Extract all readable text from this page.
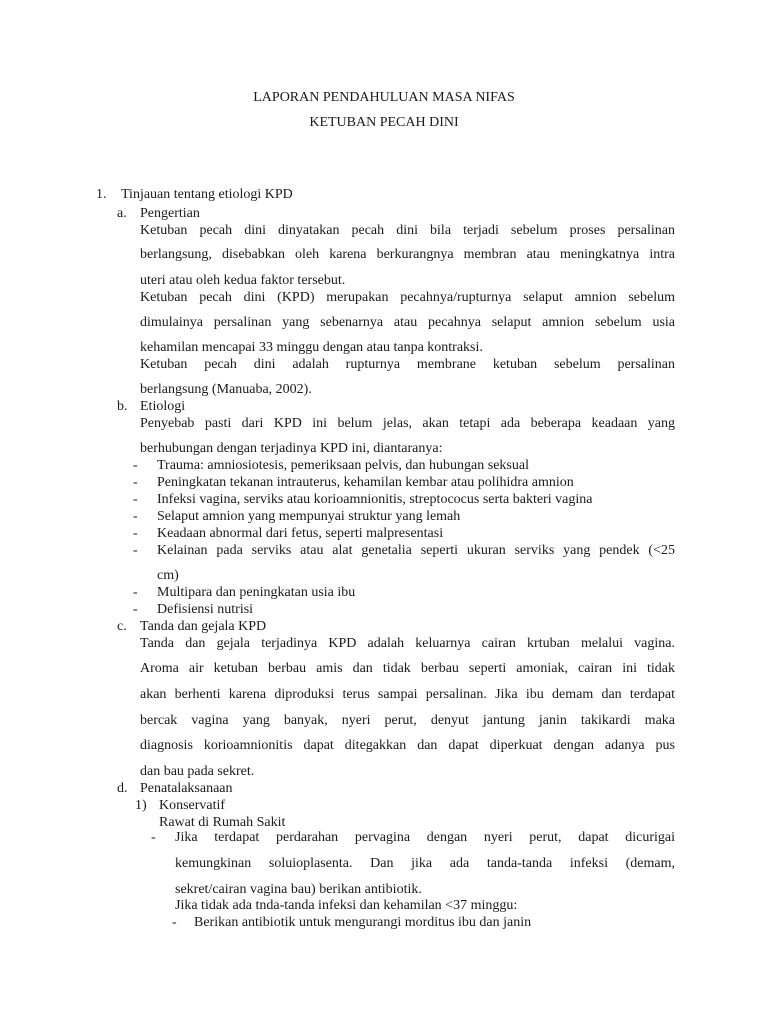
LAPORAN PENDAHULUAN MASA NIFAS
KETUBAN PECAH DINI
1. Tinjauan tentang etiologi KPD
a. Pengertian
Ketuban pecah dini dinyatakan pecah dini bila terjadi sebelum proses persalinan
berlangsung, disebabkan oleh karena berkurangnya membran atau meningkatnya intra
uteri atau oleh kedua faktor tersebut.
Ketuban pecah dini (KPD) merupakan pecahnya/rupturnya selaput amnion sebelum
dimulainya persalinan yang sebenarnya atau pecahnya selaput amnion sebelum usia
kehamilan mencapai 33 minggu dengan atau tanpa kontraksi.
Ketuban pecah dini adalah rupturnya membrane ketuban sebelum persalinan
berlangsung (Manuaba, 2002).
b. Etiologi
Penyebab pasti dari KPD ini belum jelas, akan tetapi ada beberapa keadaan yang
berhubungan dengan terjadinya KPD ini, diantaranya:
- Trauma: amniosiotesis, pemeriksaan pelvis, dan hubungan seksual
- Peningkatan tekanan intrauterus, kehamilan kembar atau polihidra amnion
- Infeksi vagina, serviks atau korioamnionitis, streptococus serta bakteri vagina
- Selaput amnion yang mempunyai struktur yang lemah
- Keadaan abnormal dari fetus, seperti malpresentasi
- Kelainan pada serviks atau alat genetalia seperti ukuran serviks yang pendek (<25
cm)
- Multipara dan peningkatan usia ibu
- Defisiensi nutrisi
c. Tanda dan gejala KPD
Tanda dan gejala terjadinya KPD adalah keluarnya cairan krtuban melalui vagina.
Aroma air ketuban berbau amis dan tidak berbau seperti amoniak, cairan ini tidak
akan berhenti karena diproduksi terus sampai persalinan. Jika ibu demam dan terdapat
bercak vagina yang banyak, nyeri perut, denyut jantung janin takikardi maka
diagnosis korioamnionitis dapat ditegakkan dan dapat diperkuat dengan adanya pus
dan bau pada sekret.
d. Penatalaksanaan
1) Konservatif
Rawat di Rumah Sakit
- Jika terdapat perdarahan pervagina dengan nyeri perut, dapat dicurigai
kemungkinan soluioplasenta. Dan jika ada tanda-tanda infeksi (demam,
sekret/cairan vagina bau) berikan antibiotik.
Jika tidak ada tnda-tanda infeksi dan kehamilan <37 minggu:
- Berikan antibiotik untuk mengurangi morditus ibu dan janin
